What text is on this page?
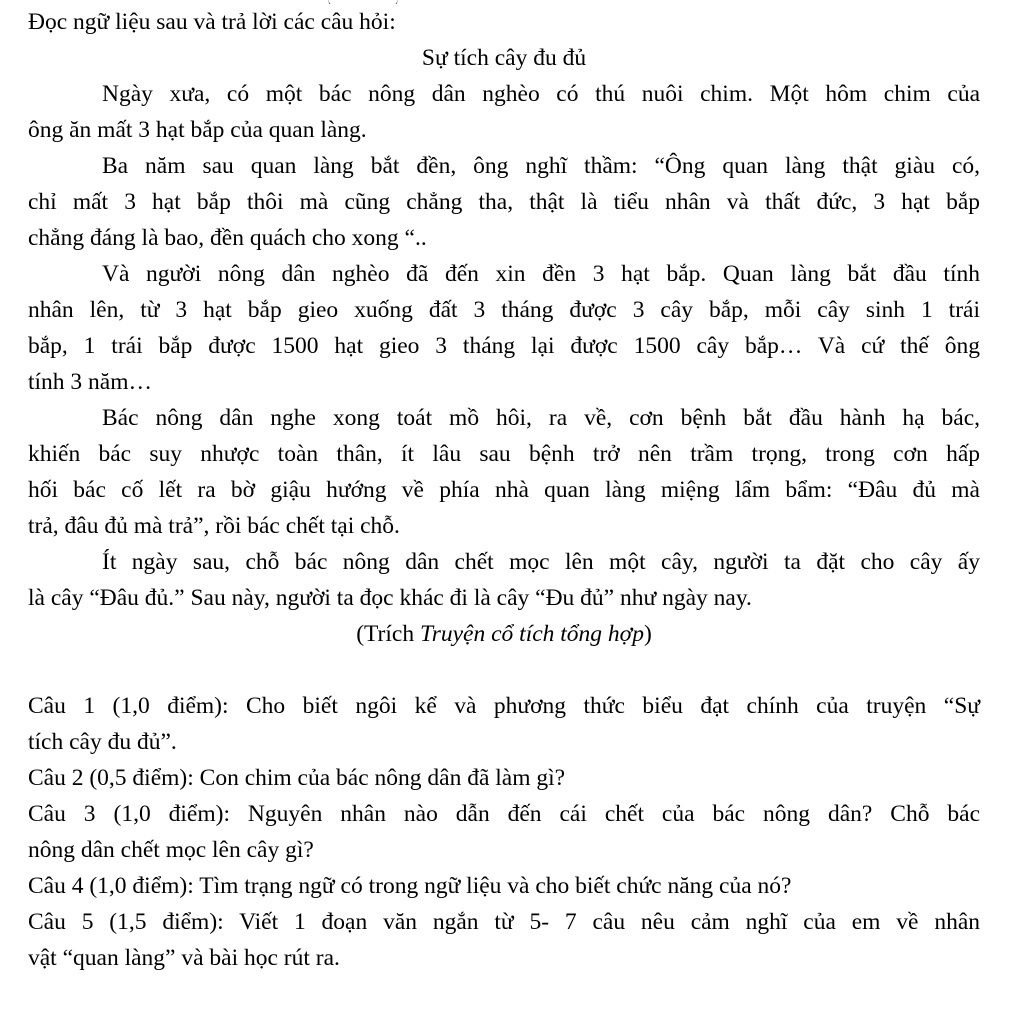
Đọc ngữ liệu sau và trả lời các câu hỏi:
Sự tích cây đu đủ
Ngày xưa, có một bác nông dân nghèo có thú nuôi chim. Một hôm chim của
ông ăn mất 3 hạt bắp của quan làng.
Ba năm sau quan làng bắt đền, ông nghĩ thầm: “Ông quan làng thật giàu có,
chỉ mất 3 hạt bắp thôi mà cũng chẳng tha, thật là tiểu nhân và thất đức, 3 hạt bắp
chẳng đáng là bao, đền quách cho xong “..
Và người nông dân nghèo đã đến xin đền 3 hạt bắp. Quan làng bắt đầu tính
nhân lên, từ 3 hạt bắp gieo xuống đất 3 tháng được 3 cây bắp, mỗi cây sinh 1 trái
bắp, 1 trái bắp được 1500 hạt gieo 3 tháng lại được 1500 cây bắp… Và cứ thế ông
tính 3 năm…
Bác nông dân nghe xong toát mồ hôi, ra về, cơn bệnh bắt đầu hành hạ bác,
khiến bác suy nhược toàn thân, ít lâu sau bệnh trở nên trầm trọng, trong cơn hấp
hối bác cố lết ra bờ giậu hướng về phía nhà quan làng miệng lẩm bẩm: “Đâu đủ mà
trả, đâu đủ mà trả”, rồi bác chết tại chỗ.
Ít ngày sau, chỗ bác nông dân chết mọc lên một cây, người ta đặt cho cây ấy
là cây “Đâu đủ.” Sau này, người ta đọc khác đi là cây “Đu đủ” như ngày nay.
(Trích Truyện cổ tích tổng hợp)
Câu 1 (1,0 điểm): Cho biết ngôi kể và phương thức biểu đạt chính của truyện “Sự
tích cây đu đủ”.
Câu 2 (0,5 điểm): Con chim của bác nông dân đã làm gì?
Câu 3 (1,0 điểm): Nguyên nhân nào dẫn đến cái chết của bác nông dân? Chỗ bác
nông dân chết mọc lên cây gì?
Câu 4 (1,0 điểm): Tìm trạng ngữ có trong ngữ liệu và cho biết chức năng của nó?
Câu 5 (1,5 điểm): Viết 1 đoạn văn ngắn từ 5- 7 câu nêu cảm nghĩ của em về nhân
vật “quan làng” và bài học rút ra.
